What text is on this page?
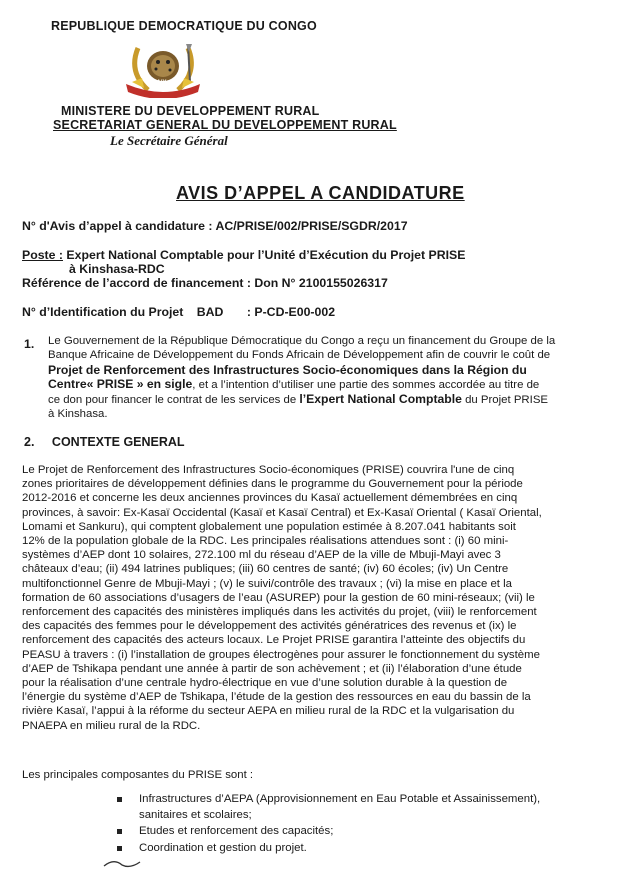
REPUBLIQUE DEMOCRATIQUE DU CONGO
PAIX
MINISTERE DU DEVELOPPEMENT RURAL
SECRETARIAT GENERAL DU DEVELOPPEMENT RURAL
Le Secrétaire Général
AVIS D’APPEL A CANDIDATURE
N° d'Avis d’appel à candidature : AC/PRISE/002/PRISE/SGDR/2017
Poste : Expert National Comptable pour l’Unité d’Exécution du Projet PRISE
à Kinshasa-RDC
Référence de l’accord de financement : Don N° 2100155026317
N° d’Identification du Projet BAD : P-CD-E00-002
1. Le Gouvernement de la République Démocratique du Congo a reçu un financement du Groupe de la
Banque Africaine de Développement du Fonds Africain de Développement afin de couvrir le coût de
Projet de Renforcement des Infrastructures Socio-économiques dans la Région du
Centre« PRISE » en sigle, et a l’intention d’utiliser une partie des sommes accordée au titre de
ce don pour financer le contrat de les services de l’Expert National Comptable du Projet PRISE
à Kinshasa.
2. CONTEXTE GENERAL
Le Projet de Renforcement des Infrastructures Socio-économiques (PRISE) couvrira l'une de cinq
zones prioritaires de développement définies dans le programme du Gouvernement pour la période
2012-2016 et concerne les deux anciennes provinces du Kasaï actuellement démembrées en cinq
provinces, à savoir: Ex-Kasaï Occidental (Kasaï et Kasaï Central) et Ex-Kasaï Oriental ( Kasaï Oriental,
Lomami et Sankuru), qui comptent globalement une population estimée à 8.207.041 habitants soit
12% de la population globale de la RDC. Les principales réalisations attendues sont : (i) 60 mini-
systèmes d’AEP dont 10 solaires, 272.100 ml du réseau d’AEP de la ville de Mbuji-Mayi avec 3
châteaux d’eau; (ii) 494 latrines publiques; (iii) 60 centres de santé; (iv) 60 écoles; (iv) Un Centre
multifonctionnel Genre de Mbuji-Mayi ; (v) le suivi/contrôle des travaux ; (vi) la mise en place et la
formation de 60 associations d’usagers de l’eau (ASUREP) pour la gestion de 60 mini-réseaux; (vii) le
renforcement des capacités des ministères impliqués dans les activités du projet, (viii) le renforcement
des capacités des femmes pour le développement des activités génératrices des revenus et (ix) le
renforcement des capacités des acteurs locaux. Le Projet PRISE garantira l’atteinte des objectifs du
PEASU à travers : (i) l’installation de groupes électrogènes pour assurer le fonctionnement du système
d’AEP de Tshikapa pendant une année à partir de son achèvement ; et (ii) l’élaboration d’une étude
pour la réalisation d’une centrale hydro-électrique en vue d’une solution durable à la question de
l’énergie du système d’AEP de Tshikapa, l’étude de la gestion des ressources en eau du bassin de la
rivière Kasaï, l’appui à la réforme du secteur AEPA en milieu rural de la RDC et la vulgarisation du
PNAEPA en milieu rural de la RDC.
Les principales composantes du PRISE sont :
Infrastructures d’AEPA (Approvisionnement en Eau Potable et Assainissement),
sanitaires et scolaires;
Etudes et renforcement des capacités;
Coordination et gestion du projet.
